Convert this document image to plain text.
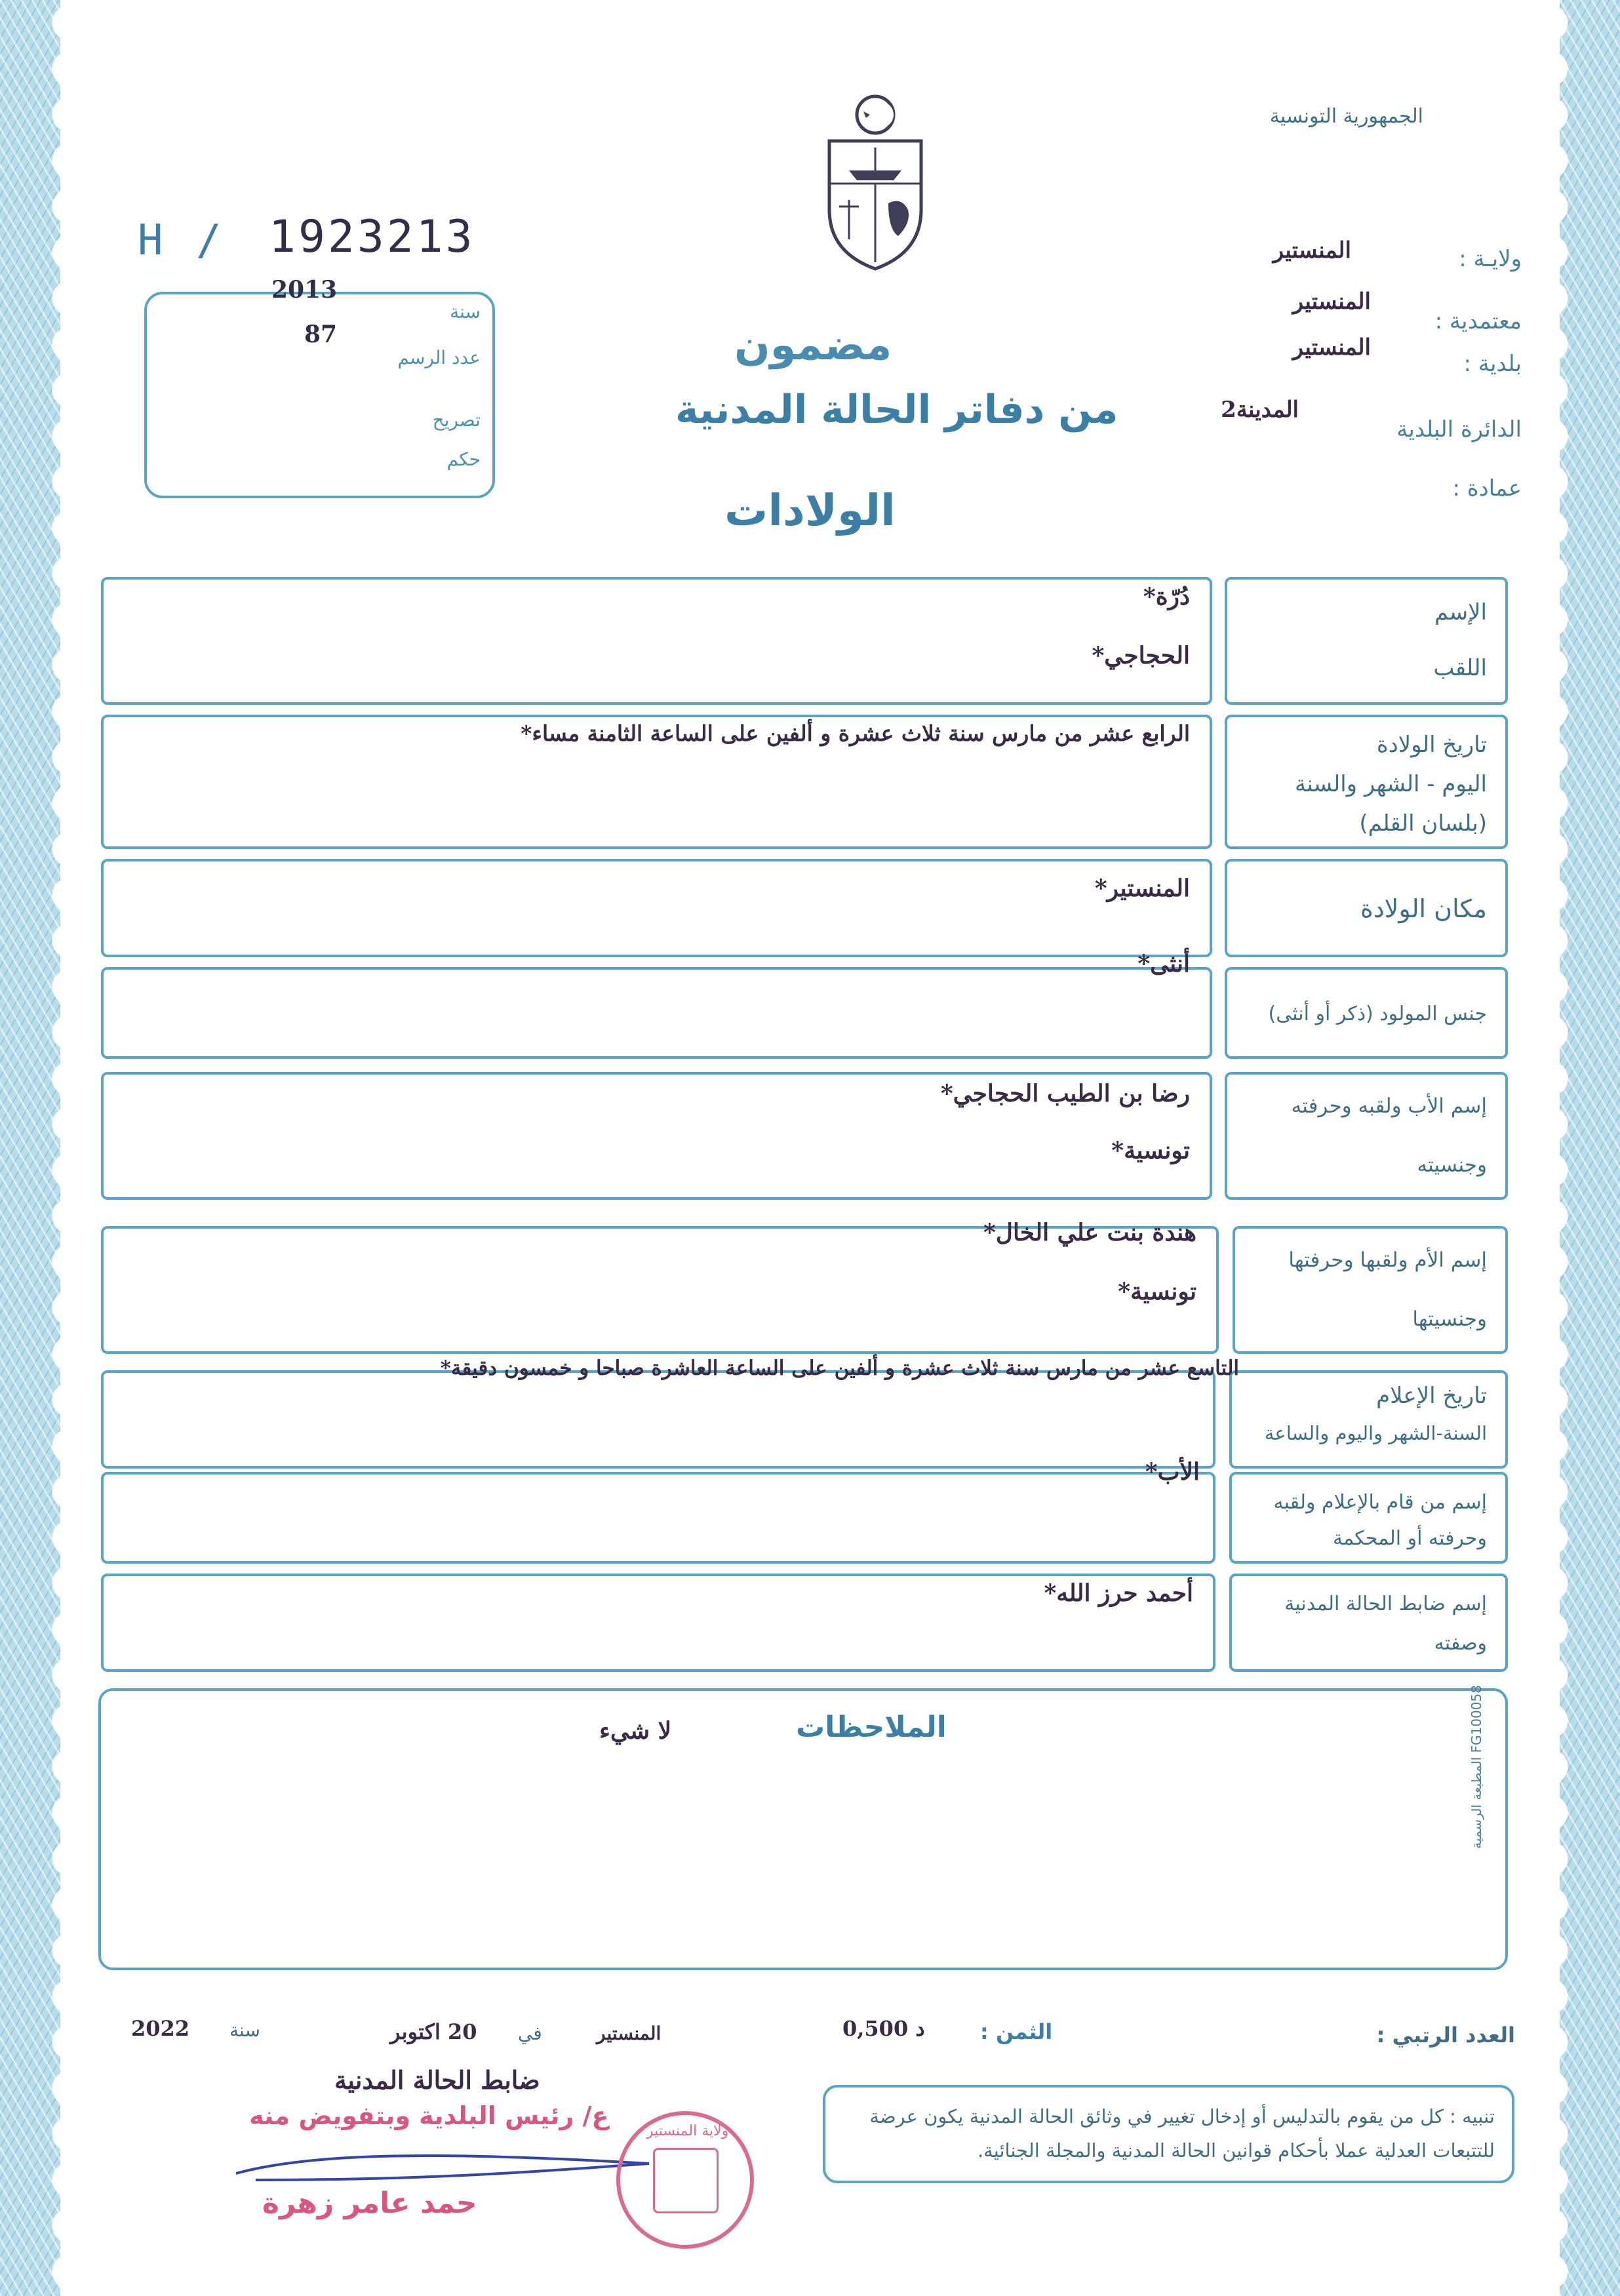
الجمهورية التونسية
H / 1923213
سنة
2013
عدد الرسم
87
تصريح
حكم
ولايـة :
المنستير
معتمدية :
المنستير
بلدية :
المنستير
الدائرة البلدية
المدينة2
عمادة :
مضمون
من دفاتر الحالة المدنية
الولادات
الإسم
اللقب
دُرّة*
الحجاجي*
تاريخ الولادة
اليوم - الشهر والسنة
(بلسان القلم)
الرابع عشر من مارس سنة ثلاث عشرة و ألفين على الساعة الثامنة مساء*
مكان الولادة
المنستير*
جنس المولود (ذكر أو أنثى)
أنثى*
إسم الأب ولقبه وحرفته
وجنسيته
رضا بن الطيب الحجاجي*
تونسية*
إسم الأم ولقبها وحرفتها
وجنسيتها
هندة بنت علي الخال*
تونسية*
تاريخ الإعلام
السنة-الشهر واليوم والساعة
التاسع عشر من مارس سنة ثلاث عشرة و ألفين على الساعة العاشرة صباحا و خمسون دقيقة*
إسم من قام بالإعلام ولقبه
وحرفته أو المحكمة
الأب*
إسم ضابط الحالة المدنية
وصفته
أحمد حرز الله*
الملاحظات
لا شيء
المطبعة الرسمية FG100058
العدد الرتبي :
الثمن :
0,500 د
المنستير
في
20 اكتوبر
سنة
2022
ضابط الحالة المدنية
ع/ رئيس البلدية وبتفويض منه
حمد عامر زهرة
ولاية المنستير
تنبيه : كل من يقوم بالتدليس أو إدخال تغيير في وثائق الحالة المدنية يكون عرضة للتتبعات العدلية عملا بأحكام قوانين الحالة المدنية والمجلة الجنائية.
